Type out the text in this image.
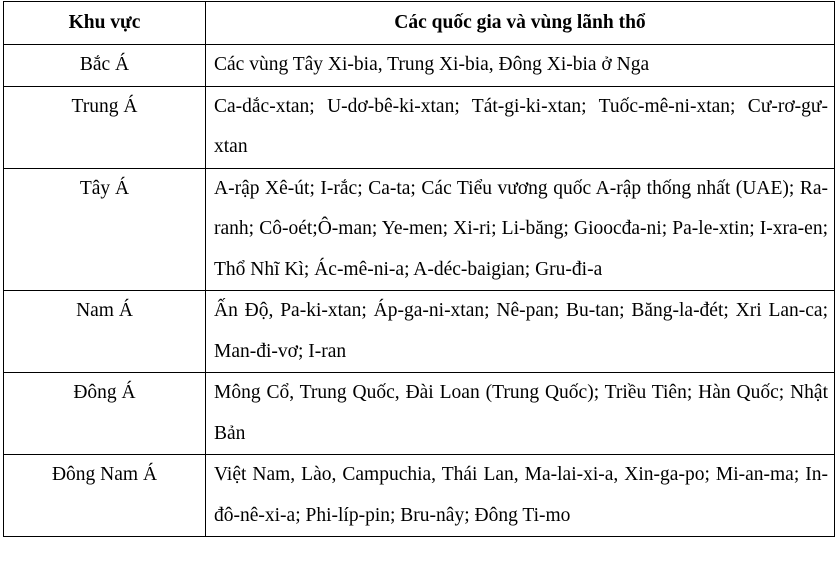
Khu vực	Các quốc gia và vùng lãnh thổ
Bắc Á	Các vùng Tây Xi-bia, Trung Xi-bia, Đông Xi-bia ở Nga
Trung Á	Ca-dắc-xtan; U-dơ-bê-ki-xtan; Tát-gi-ki-xtan; Tuốc-mê-ni-xtan; Cư-rơ-gư-xtan
Tây Á	A-rập Xê-út; I-rắc; Ca-ta; Các Tiểu vương quốc A-rập thống nhất (UAE); Ra-ranh; Cô-oét;Ô-man; Ye-men; Xi-ri; Li-băng; Gioocđa-ni; Pa-le-xtin; I-xra-en; Thổ Nhĩ Kì; Ác-mê-ni-a; A-déc-baigian; Gru-đi-a
Nam Á	Ấn Độ, Pa-ki-xtan; Áp-ga-ni-xtan; Nê-pan; Bu-tan; Băng-la-đét; Xri Lan-ca; Man-đi-vơ; I-ran
Đông Á	Mông Cổ, Trung Quốc, Đài Loan (Trung Quốc); Triều Tiên; Hàn Quốc; Nhật Bản
Đông Nam Á	Việt Nam, Lào, Campuchia, Thái Lan, Ma-lai-xi-a, Xin-ga-po; Mi-an-ma; In-đô-nê-xi-a; Phi-líp-pin; Bru-nây; Đông Ti-mo
